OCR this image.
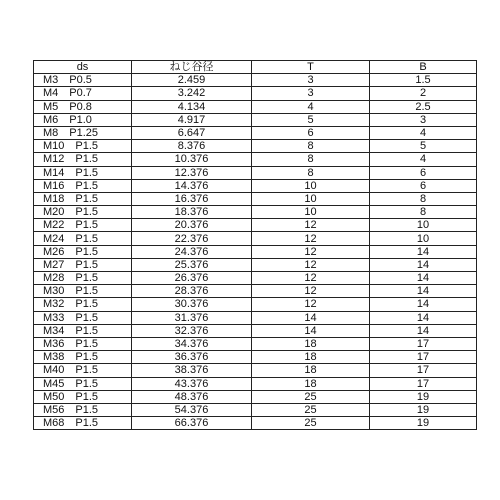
ds	ねじ谷径	T	B
M3　P0.5	2.459	3	1.5
M4　P0.7	3.242	3	2
M5　P0.8	4.134	4	2.5
M6　P1.0	4.917	5	3
M8　P1.25	6.647	6	4
M10　P1.5	8.376	8	5
M12　P1.5	10.376	8	4
M14　P1.5	12.376	8	6
M16　P1.5	14.376	10	6
M18　P1.5	16.376	10	8
M20　P1.5	18.376	10	8
M22　P1.5	20.376	12	10
M24　P1.5	22.376	12	10
M26　P1.5	24.376	12	14
M27　P1.5	25.376	12	14
M28　P1.5	26.376	12	14
M30　P1.5	28.376	12	14
M32　P1.5	30.376	12	14
M33　P1.5	31.376	14	14
M34　P1.5	32.376	14	14
M36　P1.5	34.376	18	17
M38　P1.5	36.376	18	17
M40　P1.5	38.376	18	17
M45　P1.5	43.376	18	17
M50　P1.5	48.376	25	19
M56　P1.5	54.376	25	19
M68　P1.5	66.376	25	19
